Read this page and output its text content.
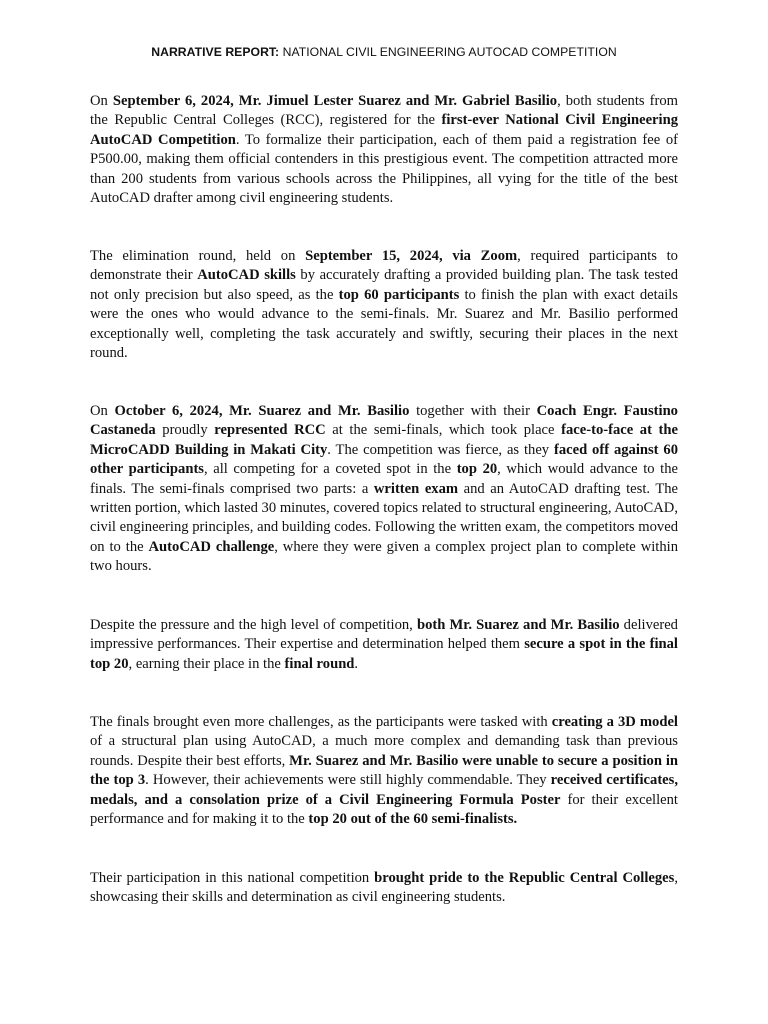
NARRATIVE REPORT: NATIONAL CIVIL ENGINEERING AUTOCAD COMPETITION
On September 6, 2024, Mr. Jimuel Lester Suarez and Mr. Gabriel Basilio, both students from the Republic Central Colleges (RCC), registered for the first-ever National Civil Engineering AutoCAD Competition. To formalize their participation, each of them paid a registration fee of P500.00, making them official contenders in this prestigious event. The competition attracted more than 200 students from various schools across the Philippines, all vying for the title of the best AutoCAD drafter among civil engineering students.
The elimination round, held on September 15, 2024, via Zoom, required participants to demonstrate their AutoCAD skills by accurately drafting a provided building plan. The task tested not only precision but also speed, as the top 60 participants to finish the plan with exact details were the ones who would advance to the semi-finals. Mr. Suarez and Mr. Basilio performed exceptionally well, completing the task accurately and swiftly, securing their places in the next round.
On October 6, 2024, Mr. Suarez and Mr. Basilio together with their Coach Engr. Faustino Castaneda proudly represented RCC at the semi-finals, which took place face-to-face at the MicroCADD Building in Makati City. The competition was fierce, as they faced off against 60 other participants, all competing for a coveted spot in the top 20, which would advance to the finals. The semi-finals comprised two parts: a written exam and an AutoCAD drafting test. The written portion, which lasted 30 minutes, covered topics related to structural engineering, AutoCAD, civil engineering principles, and building codes. Following the written exam, the competitors moved on to the AutoCAD challenge, where they were given a complex project plan to complete within two hours.
Despite the pressure and the high level of competition, both Mr. Suarez and Mr. Basilio delivered impressive performances. Their expertise and determination helped them secure a spot in the final top 20, earning their place in the final round.
The finals brought even more challenges, as the participants were tasked with creating a 3D model of a structural plan using AutoCAD, a much more complex and demanding task than previous rounds. Despite their best efforts, Mr. Suarez and Mr. Basilio were unable to secure a position in the top 3. However, their achievements were still highly commendable. They received certificates, medals, and a consolation prize of a Civil Engineering Formula Poster for their excellent performance and for making it to the top 20 out of the 60 semi-finalists.
Their participation in this national competition brought pride to the Republic Central Colleges, showcasing their skills and determination as civil engineering students.
